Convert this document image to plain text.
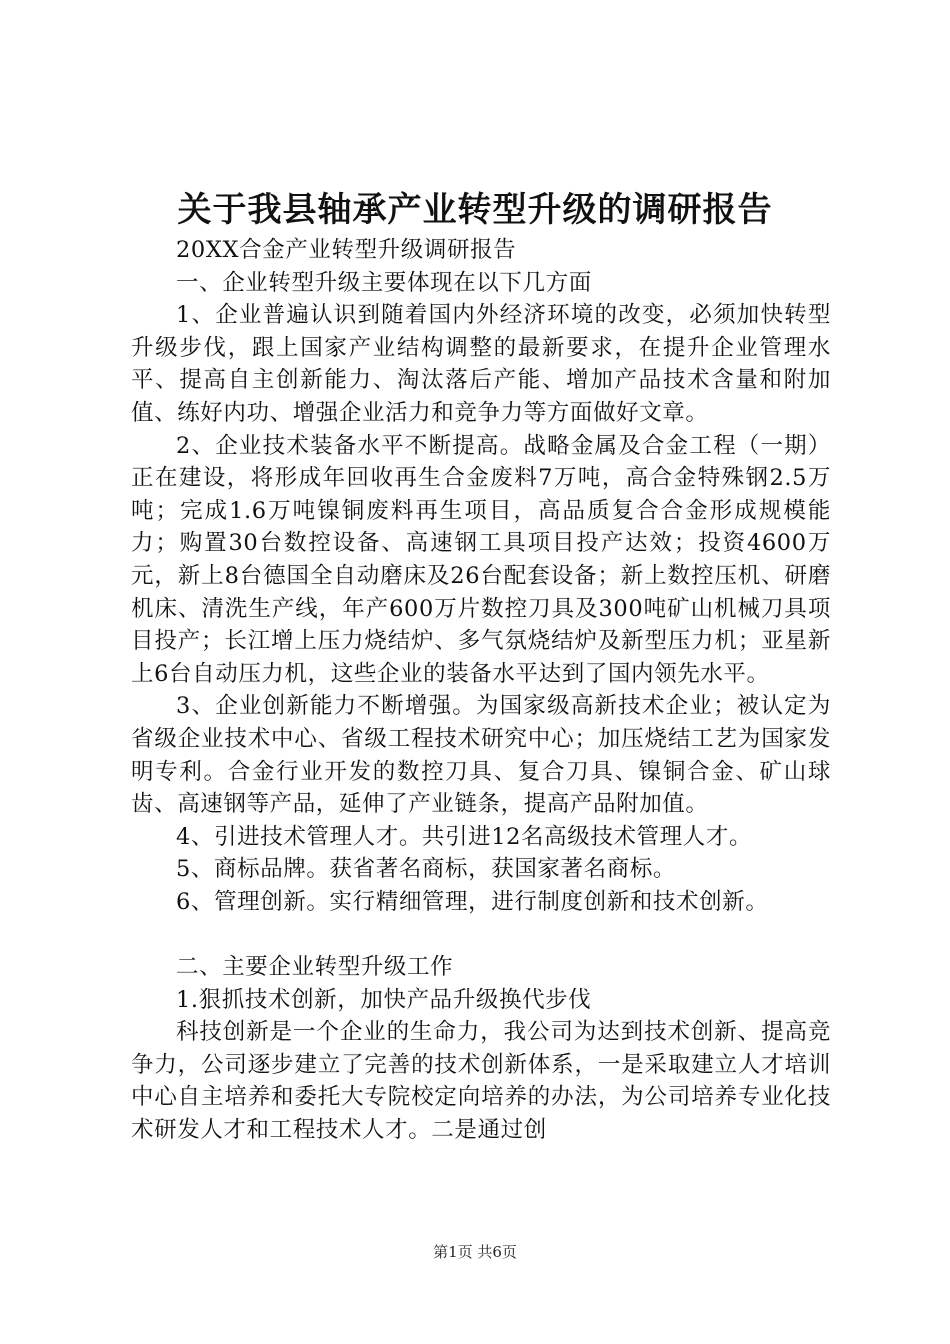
关于我县轴承产业转型升级的调研报告

20XX合金产业转型升级调研报告

一、企业转型升级主要体现在以下几方面

1、企业普遍认识到随着国内外经济环境的改变，必须加快转型升级步伐，跟上国家产业结构调整的最新要求，在提升企业管理水平、提高自主创新能力、淘汰落后产能、增加产品技术含量和附加值、练好内功、增强企业活力和竞争力等方面做好文章。

2、企业技术装备水平不断提高。战略金属及合金工程（一期）正在建设，将形成年回收再生合金废料7万吨，高合金特殊钢2.5万吨；完成1.6万吨镍铜废料再生项目，高品质复合合金形成规模能力；购置30台数控设备、高速钢工具项目投产达效；投资4600万元，新上8台德国全自动磨床及26台配套设备；新上数控压机、研磨机床、清洗生产线，年产600万片数控刀具及300吨矿山机械刀具项目投产；长江增上压力烧结炉、多气氛烧结炉及新型压力机；亚星新上6台自动压力机，这些企业的装备水平达到了国内领先水平。

3、企业创新能力不断增强。为国家级高新技术企业；被认定为省级企业技术中心、省级工程技术研究中心；加压烧结工艺为国家发明专利。合金行业开发的数控刀具、复合刀具、镍铜合金、矿山球齿、高速钢等产品，延伸了产业链条，提高产品附加值。

4、引进技术管理人才。共引进12名高级技术管理人才。

5、商标品牌。获省著名商标，获国家著名商标。

6、管理创新。实行精细管理，进行制度创新和技术创新。

二、主要企业转型升级工作

1.狠抓技术创新，加快产品升级换代步伐

科技创新是一个企业的生命力，我公司为达到技术创新、提高竞争力，公司逐步建立了完善的技术创新体系，一是采取建立人才培训中心自主培养和委托大专院校定向培养的办法，为公司培养专业化技术研发人才和工程技术人才。二是通过创

第1页 共6页
